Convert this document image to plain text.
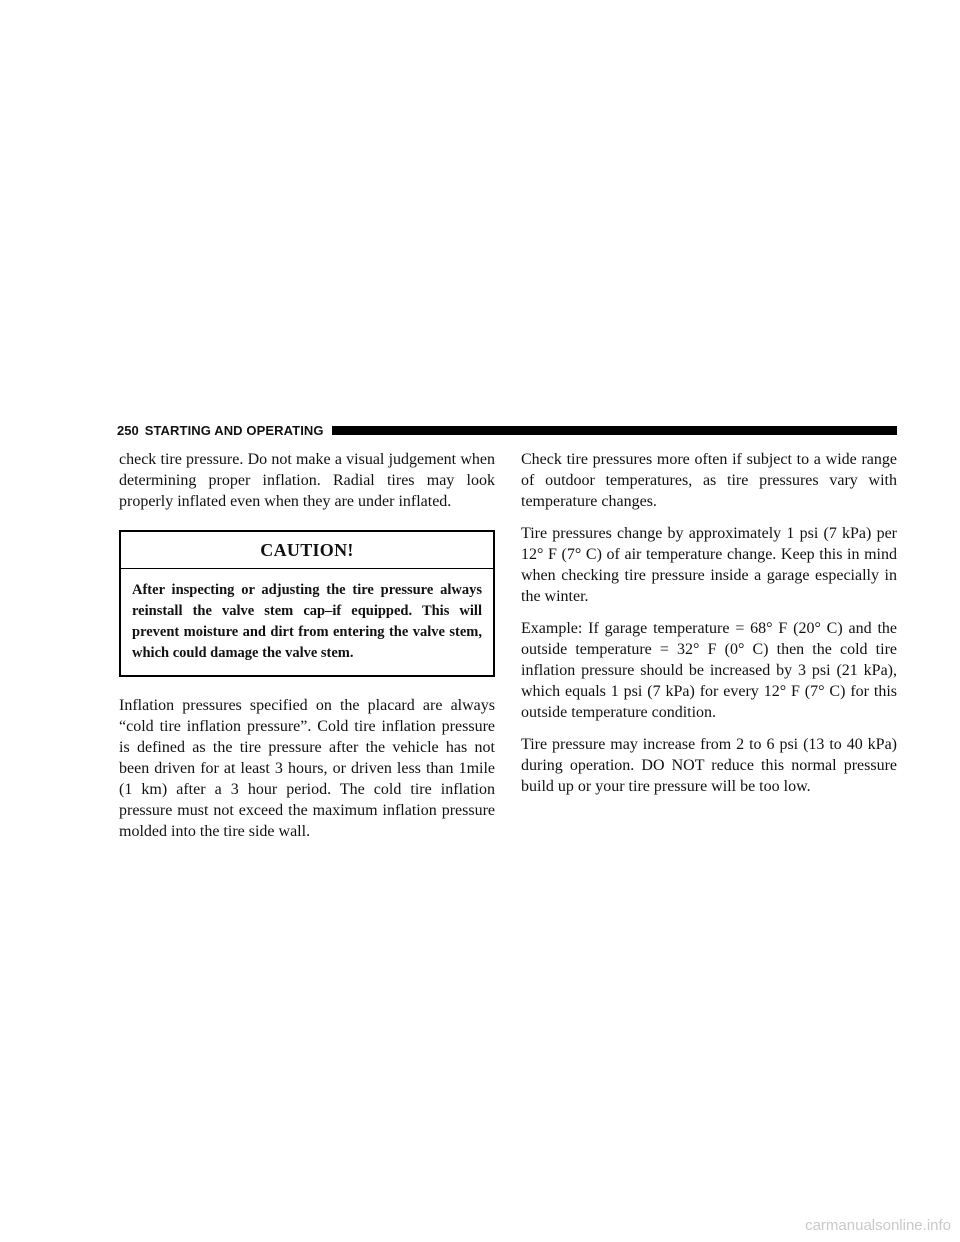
250 STARTING AND OPERATING

check tire pressure. Do not make a visual judgement when determining proper inflation. Radial tires may look properly inflated even when they are under inflated.

CAUTION!
After inspecting or adjusting the tire pressure always reinstall the valve stem cap–if equipped. This will prevent moisture and dirt from entering the valve stem, which could damage the valve stem.

Inflation pressures specified on the placard are always “cold tire inflation pressure”. Cold tire inflation pressure is defined as the tire pressure after the vehicle has not been driven for at least 3 hours, or driven less than 1mile (1 km) after a 3 hour period. The cold tire inflation pressure must not exceed the maximum inflation pressure molded into the tire side wall.

Check tire pressures more often if subject to a wide range of outdoor temperatures, as tire pressures vary with temperature changes.

Tire pressures change by approximately 1 psi (7 kPa) per 12° F (7° C) of air temperature change. Keep this in mind when checking tire pressure inside a garage especially in the winter.

Example: If garage temperature = 68° F (20° C) and the outside temperature = 32° F (0° C) then the cold tire inflation pressure should be increased by 3 psi (21 kPa), which equals 1 psi (7 kPa) for every 12° F (7° C) for this outside temperature condition.

Tire pressure may increase from 2 to 6 psi (13 to 40 kPa) during operation. DO NOT reduce this normal pressure build up or your tire pressure will be too low.

carmanualsonline.info
